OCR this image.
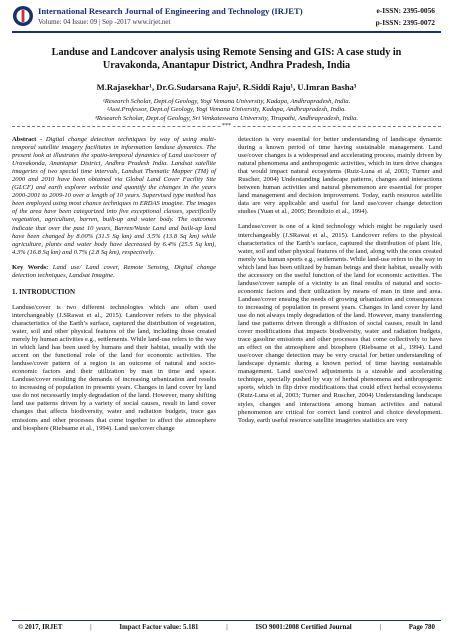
International Research Journal of Engineering and Technology (IRJET)
Volume: 04 Issue: 09 | Sep -2017 www.irjet.net
e-ISSN: 2395-0056
p-ISSN: 2395-0072
Landuse and Landcover analysis using Remote Sensing and GIS: A case study in Uravakonda, Anantapur District, Andhra Pradesh, India
M.Rajasekhar¹, Dr.G.Sudarsana Raju², R.Siddi Raju¹, U.Imran Basha³
¹Research Scholar, Dept.of Geology, Yogi Vemana University, Kadapa, Andhrapradesh, India.
²Asst.Professor, Dept.of Geology, Yogi Vemana University, Kadapa, Andhrapradesh, India.
³Research Scholar, Dept.of Geology, Sri Venkateswara University, Tirupathi, Andhrapradesh, India.
***
Abstract - Digital change detection techniques by way of using multi-temporal satellite imagery facilitates in information landuse dynamics. The present look at illustrates the spatio-temporal dynamics of Land use/cover of Uravakonda, Anantapur District, Andhra Pradesh India. Landsat satellite imageries of two special time intervals, Landsat Thematic Mapper (TM) of 2000 and 2010 have been obtained via Global Land Cover Facility Site (GLCF) and earth explorer website and quantify the changes in the years 2000-2001 to 2009-10 over a length of 10 years. Supervised type method has been employed using most chance techniques in ERDAS imagine. The images of the area have been categorized into five exceptional classes, specifically vegetation, agriculture, barren, built-up and water body. The outcomes indicate that over the past 10 years, Barren/Waste Land and built-up land have been changed by 8.00% (31.5 Sq km) and 3.5% (13.8 Sq km) while agriculture, plants and water body have decreased by 6.4% (25.5 Sq km), 4.3% (16.8 Sq km) and 0.7% (2.8 Sq km), respectively.
Key Words: Land use/ Land cover, Remote Sensing, Digital change detection techniques, Landsat Imagine.
1. INTRODUCTION
Landuse/cover is two different technologies which are often used interchangeably (J.SRawat et al., 2015). Landcover refers to the physical characteristics of the Earth’s surface, captured the distribution of vegetation, water, soil and other physical features of the land, including those created merely by human activities e.g., settlements. While land-use refers to the way in which land has been used by humans and their habitat, usually with the accent on the functional role of the land for economic activities. The landuse/cover pattern of a region is an outcome of natural and socio-economic factors and their utilization by man in time and space. Landuse/cover resulting the demands of increasing urbanization and results to increasing of population in presents years. Changes in land cover by land use do not necessarily imply degradation of the land. However, many shifting land use patterns driven by a variety of social causes, result in land cover changes that affects biodiversity, water and radiation budgets, trace gas emissions and other processes that come together to affect the atmosphere and biosphere (Riebsame et al., 1994). Land use/cover change
detection is very essential for better understanding of landscape dynamic during a known period of time having sustainable management. Land use/cover changes is a widespread and accelerating process, mainly driven by natural phenomena and anthropogenic activities, which in turn drive changes that would impact natural ecosystems (Ruiz-Luna et al, 2003; Turner and Ruscher, 2004) Understanding landscape patterns, changes and interactions between human activities and natural phenomenon are essential for proper land management and decision improvement. Today, earth resource satellite data are very applicable and useful for land use/cover change detection studies (Yuan et al., 2005; Brondizio et al., 1994).
Landuse/cover is one of a kind technology which might be regularly used interchangeably (J.SRawat et al., 2015). Landcover refers to the physical characteristics of the Earth’s surface, captured the distribution of plant life, water, soil and other physical features of the land, along with the ones created merely via human sports e.g., settlements. While land-use refers to the way in which land has been utilized by human beings and their habitat, usually with the accessory on the useful function of the land for economic activities. The landuse/cover sample of a vicinity is an final results of natural and socio-economic factors and their utilization by means of man in time and area. Landuse/cover ensuing the needs of growing urbanization and consequences to increasing of population in present years. Changes in land cover by land use do not always imply degradation of the land. However, many transferring land use patterns driven through a diffusion of social causes, result in land cover modifications that impacts biodiversity, water and radiation budgets, trace gasoline emissions and other processes that come collectively to have an effect on the atmosphere and biosphere (Riebsame et al., 1994). Land use/cover change detection may be very crucial for better understanding of landscape dynamic during a known period of time having sustainable management. Land use/cowl adjustments is a sizeable and accelerating technique, specially pushed by way of herbal phenomena and anthropogenic sports, which in flip drive modifications that could effect herbal ecosystems (Ruiz-Luna et al, 2003; Turner and Ruscher, 2004) Understanding landscape styles, changes and interactions among human activities and natural phenomenon are critical for correct land control and choice development. Today, earth useful resource satellite imageries statistics are very
© 2017, IRJET	|	Impact Factor value: 5.181	|	ISO 9001:2008 Certified Journal	|	Page 780
